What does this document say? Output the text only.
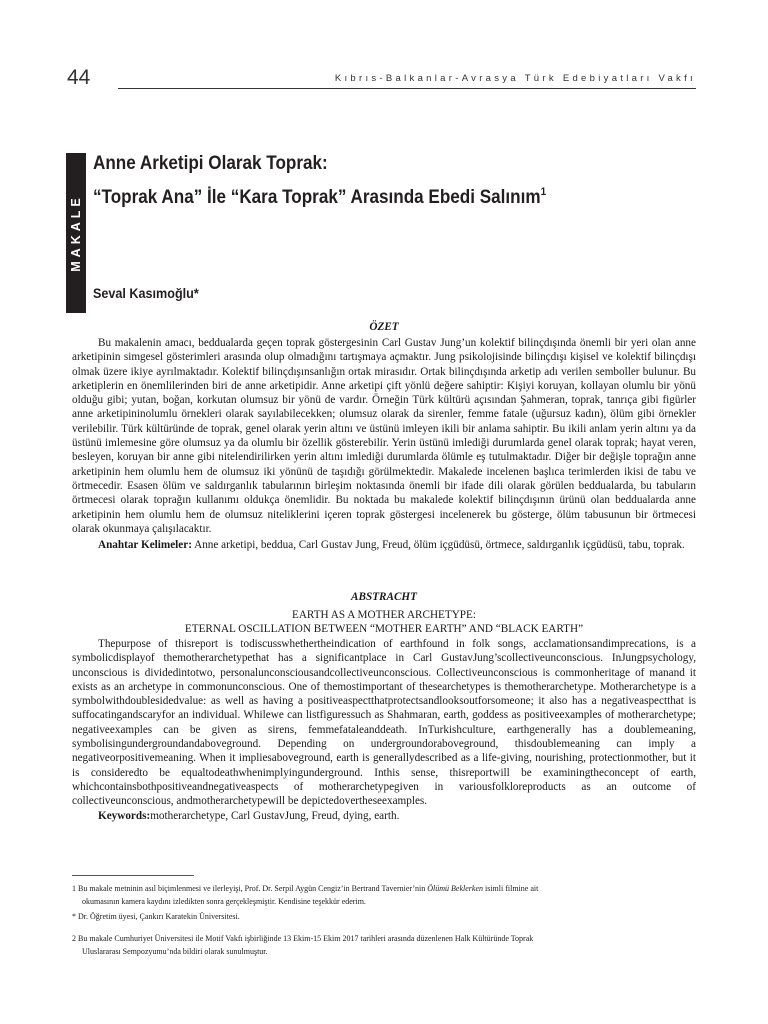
44	Kıbrıs-Balkanlar-Avrasya Türk Edebiyatları Vakfı
MAKALE
Anne Arketipi Olarak Toprak:
“Toprak Ana” İle “Kara Toprak” Arasında Ebedi Salınım$^1$
Seval Kasımoğlu*
ÖZET

Bu makalenin amacı, beddualarda geçen toprak göstergesinin Carl Gustav Jung’un kolektif bilinçdışında önemli bir yeri olan anne arketipinin simgesel gösterimleri arasında olup olmadığını tartışmaya açmaktır. Jung psikolojisinde bilinçdışı kişisel ve kolektif bilinçdışı olmak üzere ikiye ayrılmaktadır. Kolektif bilinçdışınsanlığın ortak mirasıdır. Ortak bilinçdışında arketip adı verilen semboller bulunur. Bu arketiplerin en önemlilerinden biri de anne arketipidir. Anne arketipi çift yönlü değere sahiptir: Kişiyi koruyan, kollayan olumlu bir yönü olduğu gibi; yutan, boğan, korkutan olumsuz bir yönü de vardır. Örneğin Türk kültürü açısından Şahmeran, toprak, tanrıça gibi figürler anne arketipininolumlu örnekleri olarak sayılabilecekken; olumsuz olarak da sirenler, femme fatale (uğursuz kadın), ölüm gibi örnekler verilebilir. Türk kültüründe de toprak, genel olarak yerin altını ve üstünü imleyen ikili bir anlama sahiptir. Bu ikili anlam yerin altını ya da üstünü imlemesine göre olumsuz ya da olumlu bir özellik gösterebilir. Yerin üstünü imlediği durumlarda genel olarak toprak; hayat veren, besleyen, koruyan bir anne gibi nitelendirilirken yerin altını imlediği durumlarda ölümle eş tutulmaktadır. Diğer bir değişle toprağın anne arketipinin hem olumlu hem de olumsuz iki yönünü de taşıdığı görülmektedir. Makalede incelenen başlıca terimlerden ikisi de tabu ve örtmecedir. Esasen ölüm ve saldırganlık tabularının birleşim noktasında önemli bir ifade dili olarak görülen beddualarda, bu tabuların örtmecesi olarak toprağın kullanımı oldukça önemlidir. Bu noktada bu makalede kolektif bilinçdışının ürünü olan beddualarda anne arketipinin hem olumlu hem de olumsuz niteliklerini içeren toprak göstergesi incelenerek bu gösterge, ölüm tabusunun bir örtmecesi olarak okunmaya çalışılacaktır.

Anahtar Kelimeler: Anne arketipi, beddua, Carl Gustav Jung, Freud, ölüm içgüdüsü, örtmece, saldırganlık içgüdüsü, tabu, toprak.

ABSTRACHT
EARTH AS A MOTHER ARCHETYPE:
ETERNAL OSCILLATION BETWEEN “MOTHER EARTH” AND “BLACK EARTH”

Thepurpose of thisreport is todiscusswhethertheindication of earthfound in folk songs, acclamationsandimprecations, is a symbolicdisplayof themotherarchetypethat has a significantplace in Carl GustavJung’scollectiveunconscious. InJungpsychology, unconscious is dividedintotwo, personalunconsciousandcollectiveunconscious. Collectiveunconscious is commonheritage of manand it exists as an archetype in commonunconscious. One of themostimportant of thesearchetypes is themotherarchetype. Motherarchetype is a symbolwithdoublesidedvalue: as well as having a positiveaspectthatprotectsandlooksoutforsomeone; it also has a negativeaspectthat is suffocatingandscaryfor an individual. Whilewe can listfiguressuch as Shahmaran, earth, goddess as positiveexamples of motherarchetype; negativeexamples can be given as sirens, femmefataleanddeath. InTurkishculture, earthgenerally has a doublemeaning, symbolisingundergroundandaboveground. Depending on undergroundoraboveground, thisdoublemeaning can imply a negativeorpositivemeaning. When it impliesaboveground, earth is generallydescribed as a life-giving, nourishing, protectionmother, but it is consideredto be equaltodeathwhenimplyingunderground. Inthis sense, thisreportwill be examiningtheconcept of earth, whichcontainsbothpositiveandnegativeaspects of motherarchetypegiven in variousfolkloreproducts as an outcome of collectiveunconscious, andmotherarchetypewill be depictedovertheseexamples.

Keywords:motherarchetype, Carl GustavJung, Freud, dying, earth.

1 Bu makale metninin asıl biçimlenmesi ve ilerleyişi, Prof. Dr. Serpil Aygün Cengiz’in Bertrand Tavernier’nin Ölümü Beklerken isimli filmine ait
okumasının kamera kaydını izledikten sonra gerçekleşmiştir. Kendisine teşekkür ederim.
* Dr. Öğretim üyesi, Çankırı Karatekin Üniversitesi.
2 Bu makale Cumhuriyet Üniversitesi ile Motif Vakfı işbirliğinde 13 Ekim-15 Ekim 2017 tarihleri arasında düzenlenen Halk Kültüründe Toprak
Uluslararası Sempozyumu’nda bildiri olarak sunulmuştur.
